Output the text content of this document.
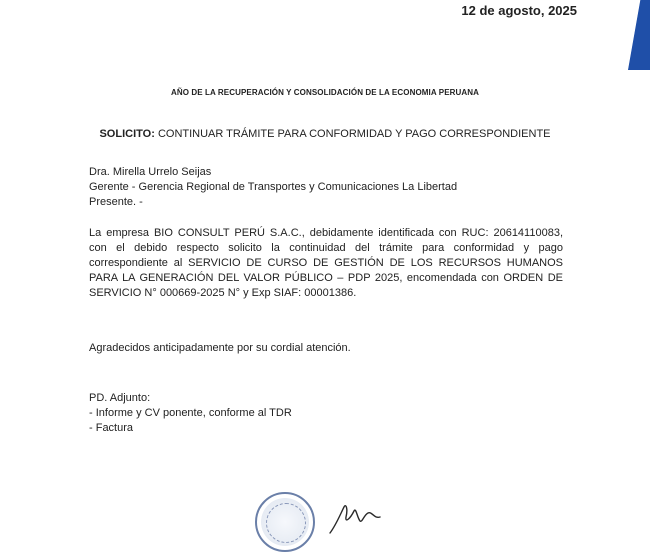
12 de agosto, 2025
AÑO DE LA RECUPERACIÓN Y CONSOLIDACIÓN DE LA ECONOMIA PERUANA
SOLICITO: CONTINUAR TRÁMITE PARA CONFORMIDAD Y PAGO CORRESPONDIENTE
Dra. Mirella Urrelo Seijas
Gerente - Gerencia Regional de Transportes y Comunicaciones La Libertad
Presente. -
La empresa BIO CONSULT PERÚ S.A.C., debidamente identificada con RUC: 20614110083, con el debido respecto solicito la continuidad del trámite para conformidad y pago correspondiente al SERVICIO DE CURSO DE GESTIÓN DE LOS RECURSOS HUMANOS PARA LA GENERACIÓN DEL VALOR PÚBLICO – PDP 2025, encomendada con ORDEN DE SERVICIO N° 000669-2025 N° y Exp SIAF: 00001386.
Agradecidos anticipadamente por su cordial atención.
PD. Adjunto:
- Informe y CV ponente, conforme al TDR
- Factura
